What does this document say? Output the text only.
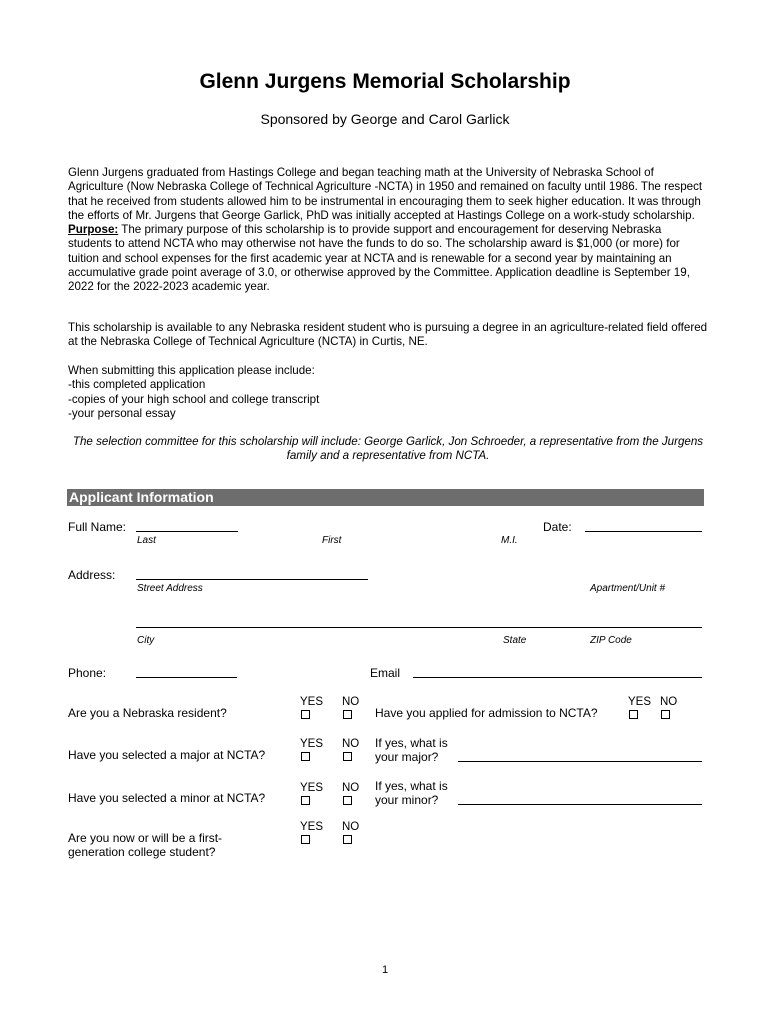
Glenn Jurgens Memorial Scholarship
Sponsored by George and Carol Garlick

Glenn Jurgens graduated from Hastings College and began teaching math at the University of Nebraska School of Agriculture (Now Nebraska College of Technical Agriculture -NCTA) in 1950 and remained on faculty until 1986. The respect that he received from students allowed him to be instrumental in encouraging them to seek higher education. It was through the efforts of Mr. Jurgens that George Garlick, PhD was initially accepted at Hastings College on a work-study scholarship.

Purpose: The primary purpose of this scholarship is to provide support and encouragement for deserving Nebraska students to attend NCTA who may otherwise not have the funds to do so. The scholarship award is $1,000 (or more) for tuition and school expenses for the first academic year at NCTA and is renewable for a second year by maintaining an accumulative grade point average of 3.0, or otherwise approved by the Committee. Application deadline is September 19, 2022 for the 2022-2023 academic year.

This scholarship is available to any Nebraska resident student who is pursuing a degree in an agriculture-related field offered at the Nebraska College of Technical Agriculture (NCTA) in Curtis, NE.
When submitting this application please include:
-this completed application
-copies of your high school and college transcript
-your personal essay
The selection committee for this scholarship will include: George Garlick, Jon Schroeder, a representative from the Jurgens family and a representative from NCTA.
Applicant Information
Full Name:
Last	First	M.I.
Date:
Address:
Street Address	Apartment/Unit #
City	State	ZIP Code
Phone:	Email
Are you a Nebraska resident?
YES NO
Have you applied for admission to NCTA?
YES NO
Have you selected a major at NCTA?
YES NO If yes, what is your major?
Have you selected a minor at NCTA?
YES NO If yes, what is your minor?
Are you now or will be a first-generation college student?
YES NO
1
